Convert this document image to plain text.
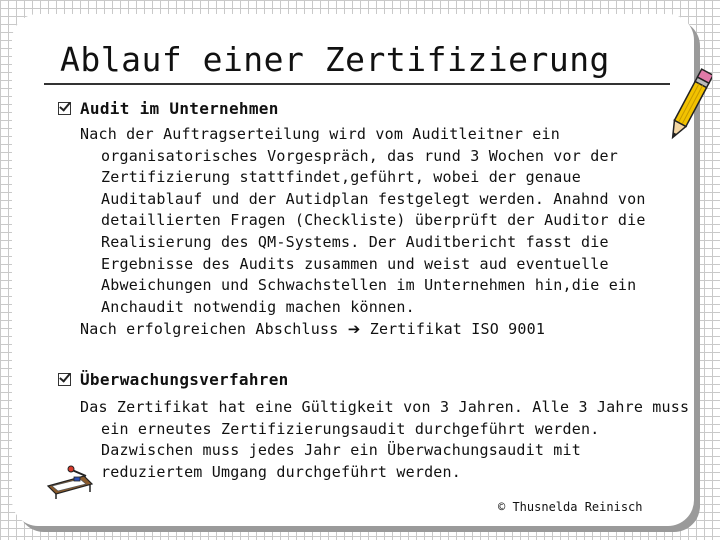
Ablauf einer Zertifizierung
Audit im Unternehmen

Nach der Auftragserteilung wird vom Auditleitner ein organisatorisches Vorgespräch, das rund 3 Wochen vor der Zertifizierung stattfindet,geführt, wobei der genaue Auditablauf und der Autidplan festgelegt werden. Anahnd von detaillierten Fragen (Checkliste) überprüft der Auditor die Realisierung des QM-Systems. Der Auditbericht fasst die Ergebnisse des Audits zusammen und weist aud eventuelle Abweichungen und Schwachstellen im Unternehmen hin,die ein Anchaudit notwendig machen können.

Nach erfolgreichen Abschluss ➔ Zertifikat ISO 9001

Überwachungsverfahren

Das Zertifikat hat eine Gültigkeit von 3 Jahren. Alle 3 Jahre muss ein erneutes Zertifizierungsaudit durchgeführt werden. Dazwischen muss jedes Jahr ein Überwachungsaudit mit reduziertem Umgang durchgeführt werden.

© Thusnelda Reinisch
